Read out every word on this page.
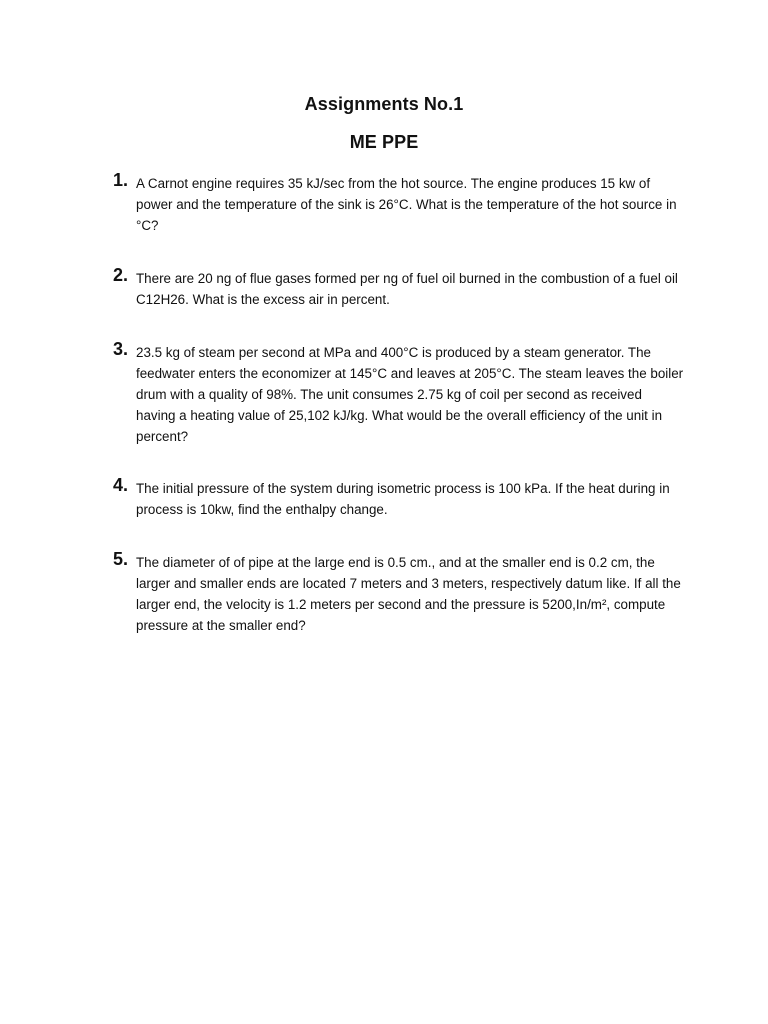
Assignments No.1
ME PPE
1. A Carnot engine requires 35 kJ/sec from the hot source. The engine produces 15 kw of power and the temperature of the sink is 26°C. What is the temperature of the hot source in °C?

2. There are 20 ng of flue gases formed per ng of fuel oil burned in the combustion of a fuel oil C12H26. What is the excess air in percent.

3. 23.5 kg of steam per second at MPa and 400°C is produced by a steam generator. The feedwater enters the economizer at 145°C and leaves at 205°C. The steam leaves the boiler drum with a quality of 98%. The unit consumes 2.75 kg of coil per second as received having a heating value of 25,102 kJ/kg. What would be the overall efficiency of the unit in percent?

4. The initial pressure of the system during isometric process is 100 kPa. If the heat during in process is 10kw, find the enthalpy change.

5. The diameter of of pipe at the large end is 0.5 cm., and at the smaller end is 0.2 cm, the larger and smaller ends are located 7 meters and 3 meters, respectively datum like. If all the larger end, the velocity is 1.2 meters per second and the pressure is 5200,In/m², compute pressure at the smaller end?
